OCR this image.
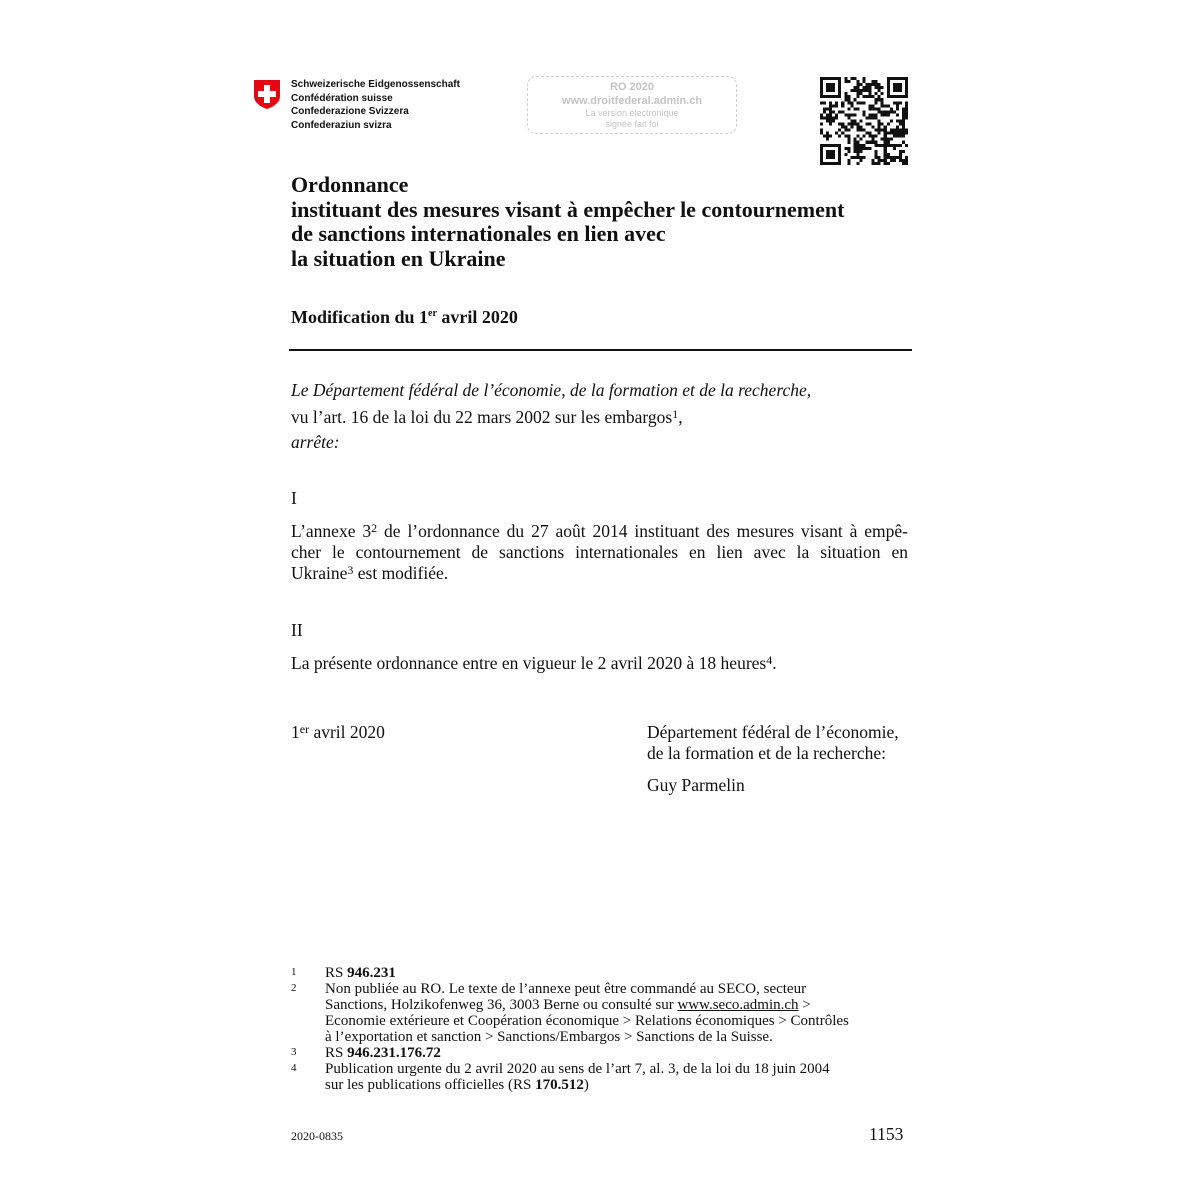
Schweizerische Eidgenossenschaft
Confédération suisse
Confederazione Svizzera
Confederaziun svizra
RO 2020
www.droitfederal.admin.ch
La version électronique
signée fait foi
Ordonnance
instituant des mesures visant à empêcher le contournement
de sanctions internationales en lien avec
la situation en Ukraine
Modification du 1er avril 2020
Le Département fédéral de l’économie, de la formation et de la recherche,
vu l’art. 16 de la loi du 22 mars 2002 sur les embargos$^1$,
arrête:
I
L’annexe $3^2$ de l’ordonnance du 27 août 2014 instituant des mesures visant à empê-
cher le contournement de sanctions internationales en lien avec la situation en
Ukraine$^3$ est modifiée.
II
La présente ordonnance entre en vigueur le 2 avril 2020 à 18 heures$^4$.
1er avril 2020	Département fédéral de l’économie,
de la formation et de la recherche:
Guy Parmelin
1 RS 946.231
2 Non publiée au RO. Le texte de l’annexe peut être commandé au SECO, secteur
Sanctions, Holzikofenweg 36, 3003 Berne ou consulté sur www.seco.admin.ch >
Economie extérieure et Coopération économique > Relations économiques > Contrôles
à l’exportation et sanction > Sanctions/Embargos > Sanctions de la Suisse.
3 RS 946.231.176.72
4 Publication urgente du 2 avril 2020 au sens de l’art 7, al. 3, de la loi du 18 juin 2004
sur les publications officielles (RS 170.512)
2020-0835	1153
